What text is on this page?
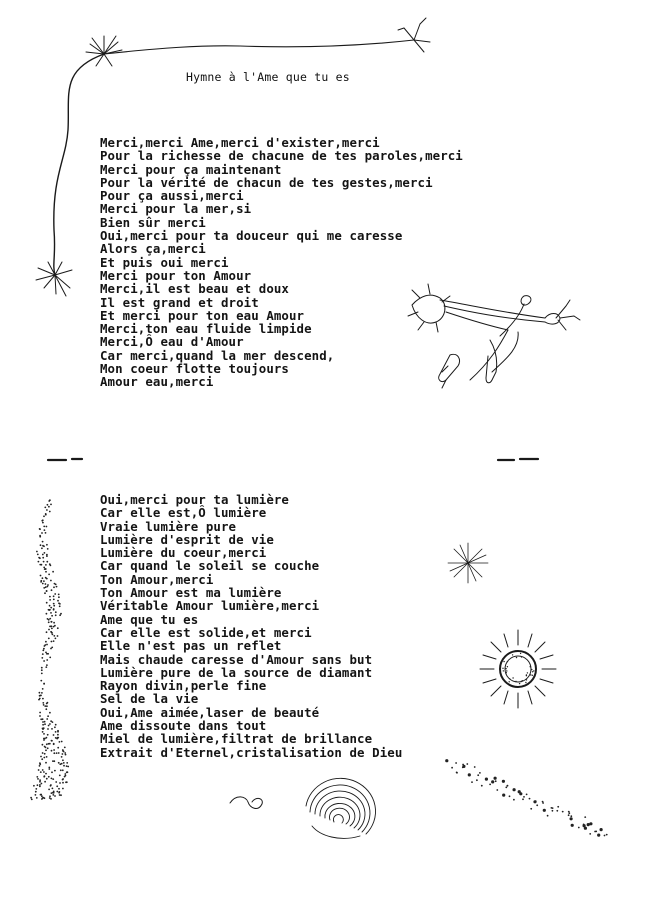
Hymne à l'Ame que tu es
Merci,merci Ame,merci d'exister,merci
Pour la richesse de chacune de tes paroles,merci
Merci pour ça maintenant
Pour la vérité de chacun de tes gestes,merci
Pour ça aussi,merci
Merci pour la mer,si
Bien sûr merci
Oui,merci pour ta douceur qui me caresse
Alors ça,merci
Et puis oui merci
Merci pour ton Amour
Merci,il est beau et doux
Il est grand et droit
Et merci pour ton eau Amour
Merci,ton eau fluide limpide
Merci,Ô eau d'Amour
Car merci,quand la mer descend,
Mon coeur flotte toujours
Amour eau,merci
Oui,merci pour ta lumière
Car elle est,Ô lumière
Vraie lumière pure
Lumière d'esprit de vie
Lumière du coeur,merci
Car quand le soleil se couche
Ton Amour,merci
Ton Amour est ma lumière
Véritable Amour lumière,merci
Ame que tu es
Car elle est solide,et merci
Elle n'est pas un reflet
Mais chaude caresse d'Amour sans but
Lumière pure de la source de diamant
Rayon divin,perle fine
Sel de la vie
Oui,Ame aimée,laser de beauté
Ame dissoute dans tout
Miel de lumière,filtrat de brillance
Extrait d'Eternel,cristalisation de Dieu
